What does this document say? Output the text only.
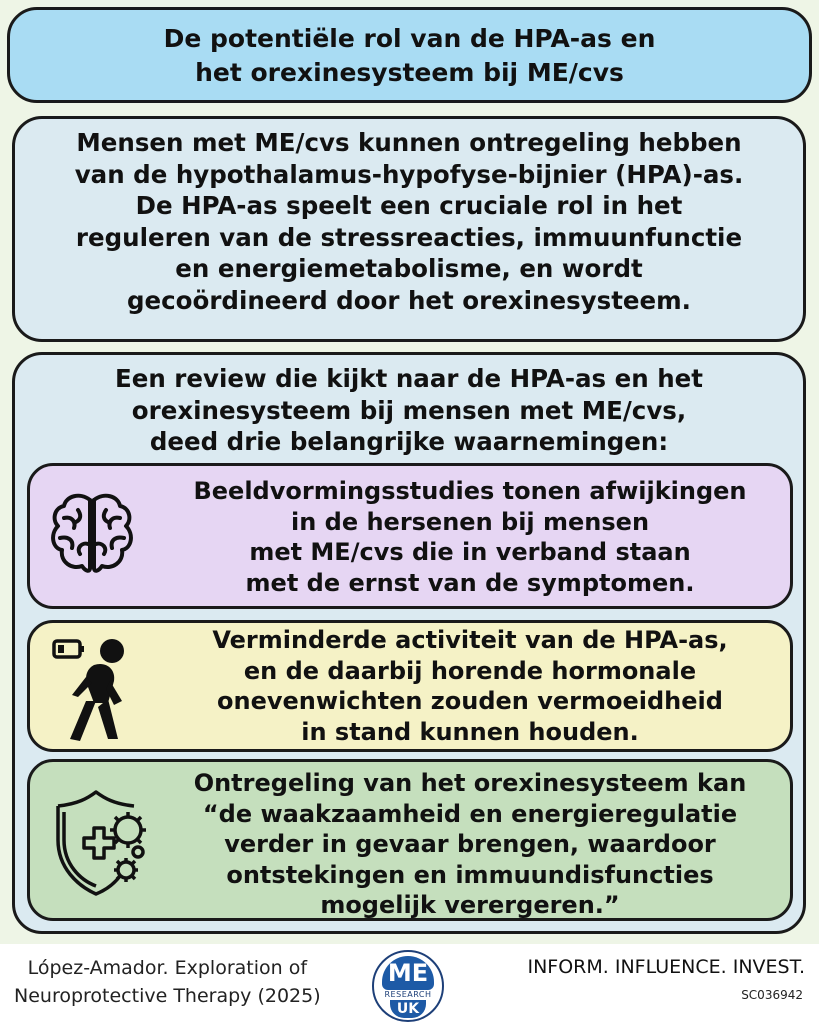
De potentiële rol van de HPA-as en
het orexinesysteem bij ME/cvs
Mensen met ME/cvs kunnen ontregeling hebben
van de hypothalamus-hypofyse-bijnier (HPA)-as.
De HPA-as speelt een cruciale rol in het
reguleren van de stressreacties, immuunfunctie
en energiemetabolisme, en wordt
gecoördineerd door het orexinesysteem.
Een review die kijkt naar de HPA-as en het
orexinesysteem bij mensen met ME/cvs,
deed drie belangrijke waarnemingen:
Beeldvormingsstudies tonen afwijkingen
in de hersenen bij mensen
met ME/cvs die in verband staan
met de ernst van de symptomen.
Verminderde activiteit van de HPA-as,
en de daarbij horende hormonale
onevenwichten zouden vermoeidheid
in stand kunnen houden.
Ontregeling van het orexinesysteem kan
“de waakzaamheid en energieregulatie
verder in gevaar brengen, waardoor
ontstekingen en immuundisfuncties
mogelijk verergeren.”
López-Amador. Exploration of
Neuroprotective Therapy (2025)
ME
RESEARCH
UK
INFORM. INFLUENCE. INVEST.
SC036942
